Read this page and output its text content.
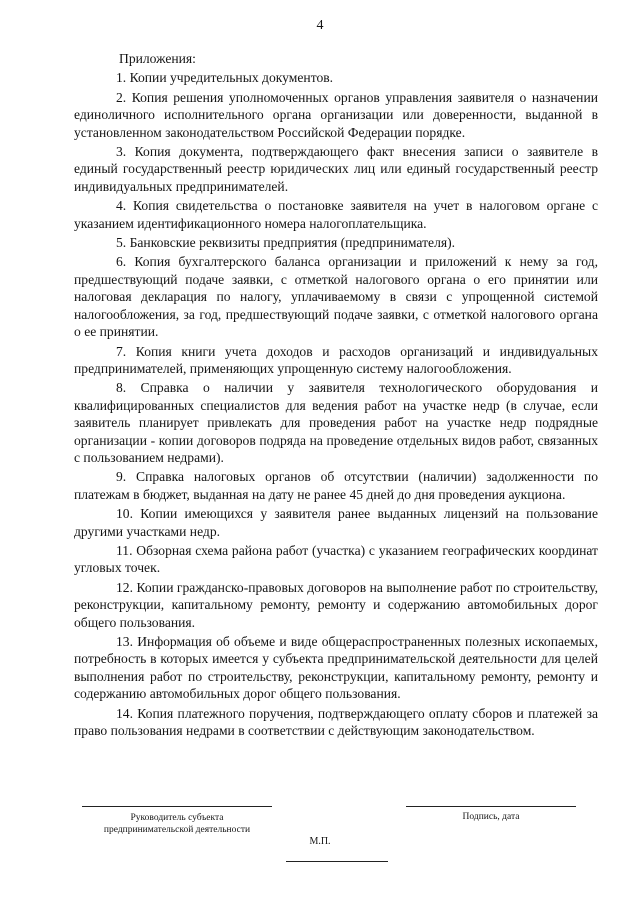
4

Приложения:

1. Копии учредительных документов.

2. Копия решения уполномоченных органов управления заявителя о назначении единоличного исполнительного органа организации или доверенности, выданной в установленном законодательством Российской Федерации порядке.

3. Копия документа, подтверждающего факт внесения записи о заявителе в единый государственный реестр юридических лиц или единый государственный реестр индивидуальных предпринимателей.

4. Копия свидетельства о постановке заявителя на учет в налоговом органе с указанием идентификационного номера налогоплательщика.

5. Банковские реквизиты предприятия (предпринимателя).

6. Копия бухгалтерского баланса организации и приложений к нему за год, предшествующий подаче заявки, с отметкой налогового органа о его принятии или налоговая декларация по налогу, уплачиваемому в связи с упрощенной системой налогообложения, за год, предшествующий подаче заявки, с отметкой налогового органа о ее принятии.

7. Копия книги учета доходов и расходов организаций и индивидуальных предпринимателей, применяющих упрощенную систему налогообложения.

8. Справка о наличии у заявителя технологического оборудования и квалифицированных специалистов для ведения работ на участке недр (в случае, если заявитель планирует привлекать для проведения работ на участке недр подрядные организации - копии договоров подряда на проведение отдельных видов работ, связанных с пользованием недрами).

9. Справка налоговых органов об отсутствии (наличии) задолженности по платежам в бюджет, выданная на дату не ранее 45 дней до дня проведения аукциона.

10. Копии имеющихся у заявителя ранее выданных лицензий на пользование другими участками недр.

11. Обзорная схема района работ (участка) с указанием географических координат угловых точек.

12. Копии гражданско-правовых договоров на выполнение работ по строительству, реконструкции, капитальному ремонту, ремонту и содержанию автомобильных дорог общего пользования.

13. Информация об объеме и виде общераспространенных полезных ископаемых, потребность в которых имеется у субъекта предпринимательской деятельности для целей выполнения работ по строительству, реконструкции, капитальному ремонту, ремонту и содержанию автомобильных дорог общего пользования.

14. Копия платежного поручения, подтверждающего оплату сборов и платежей за право пользования недрами в соответствии с действующим законодательством.

Руководитель субъекта
предпринимательской деятельности
Подпись, дата
М.П.
